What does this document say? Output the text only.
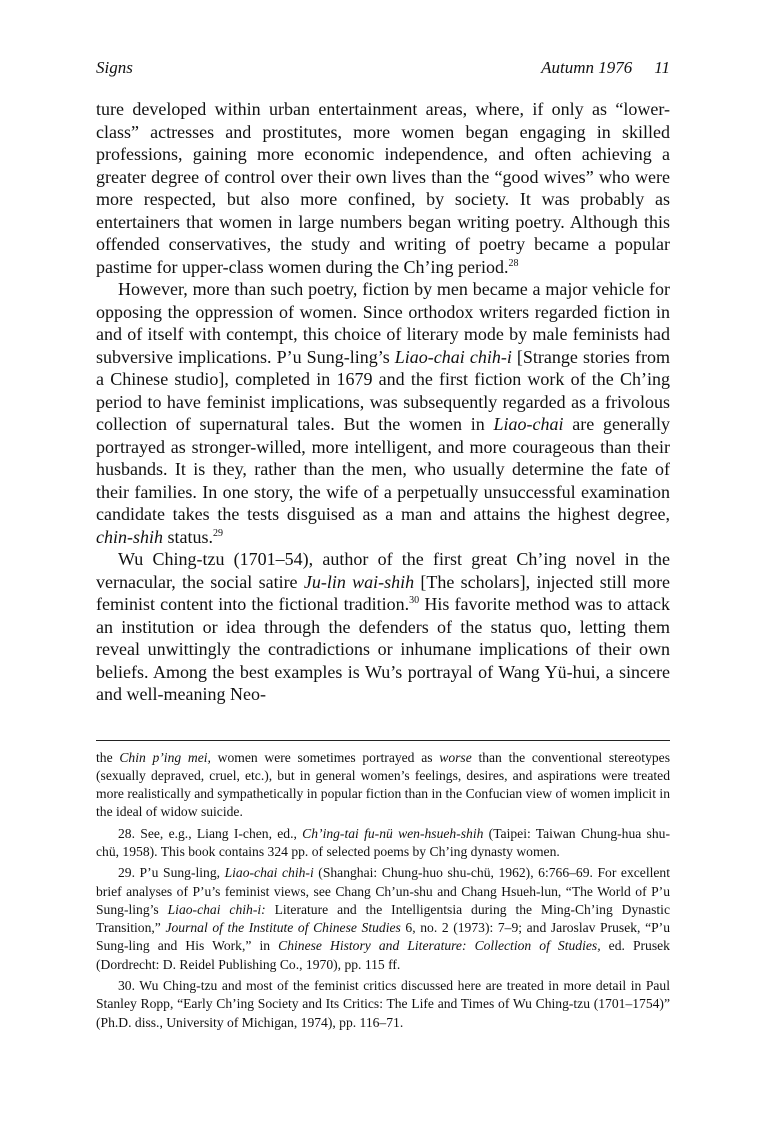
Signs	Autumn 1976 11

ture developed within urban entertainment areas, where, if only as “lower-class” actresses and prostitutes, more women began engaging in skilled professions, gaining more economic independence, and often achieving a greater degree of control over their own lives than the “good wives” who were more respected, but also more confined, by society. It was probably as entertainers that women in large numbers began writing poetry. Although this offended conservatives, the study and writing of poetry became a popular pastime for upper-class women during the Ch’ing period.$^{28}$

However, more than such poetry, fiction by men became a major vehicle for opposing the oppression of women. Since orthodox writers regarded fiction in and of itself with contempt, this choice of literary mode by male feminists had subversive implications. P’u Sung-ling’s Liao-chai chih-i [Strange stories from a Chinese studio], completed in 1679 and the first fiction work of the Ch’ing period to have feminist implications, was subsequently regarded as a frivolous collection of supernatural tales. But the women in Liao-chai are generally portrayed as stronger-willed, more intelligent, and more courageous than their husbands. It is they, rather than the men, who usually determine the fate of their families. In one story, the wife of a perpetually unsuccessful examination candidate takes the tests disguised as a man and attains the highest degree, chin-shih status.$^{29}$

Wu Ching-tzu (1701–54), author of the first great Ch’ing novel in the vernacular, the social satire Ju-lin wai-shih [The scholars], injected still more feminist content into the fictional tradition.$^{30}$ His favorite method was to attack an institution or idea through the defenders of the status quo, letting them reveal unwittingly the contradictions or inhumane implications of their own beliefs. Among the best examples is Wu’s portrayal of Wang Yü-hui, a sincere and well-meaning Neo-

the Chin p’ing mei, women were sometimes portrayed as worse than the conventional stereotypes (sexually depraved, cruel, etc.), but in general women’s feelings, desires, and aspirations were treated more realistically and sympathetically in popular fiction than in the Confucian view of women implicit in the ideal of widow suicide.

28. See, e.g., Liang I-chen, ed., Ch’ing-tai fu-nü wen-hsueh-shih (Taipei: Taiwan Chung-hua shu-chü, 1958). This book contains 324 pp. of selected poems by Ch’ing dynasty women.

29. P’u Sung-ling, Liao-chai chih-i (Shanghai: Chung-huo shu-chü, 1962), 6:766–69. For excellent brief analyses of P’u’s feminist views, see Chang Ch’un-shu and Chang Hsueh-lun, “The World of P’u Sung-ling’s Liao-chai chih-i: Literature and the Intelligentsia during the Ming-Ch’ing Dynastic Transition,” Journal of the Institute of Chinese Studies 6, no. 2 (1973): 7–9; and Jaroslav Prusek, “P’u Sung-ling and His Work,” in Chinese History and Literature: Collection of Studies, ed. Prusek (Dordrecht: D. Reidel Publishing Co., 1970), pp. 115 ff.

30. Wu Ching-tzu and most of the feminist critics discussed here are treated in more detail in Paul Stanley Ropp, “Early Ch’ing Society and Its Critics: The Life and Times of Wu Ching-tzu (1701–1754)” (Ph.D. diss., University of Michigan, 1974), pp. 116–71.
